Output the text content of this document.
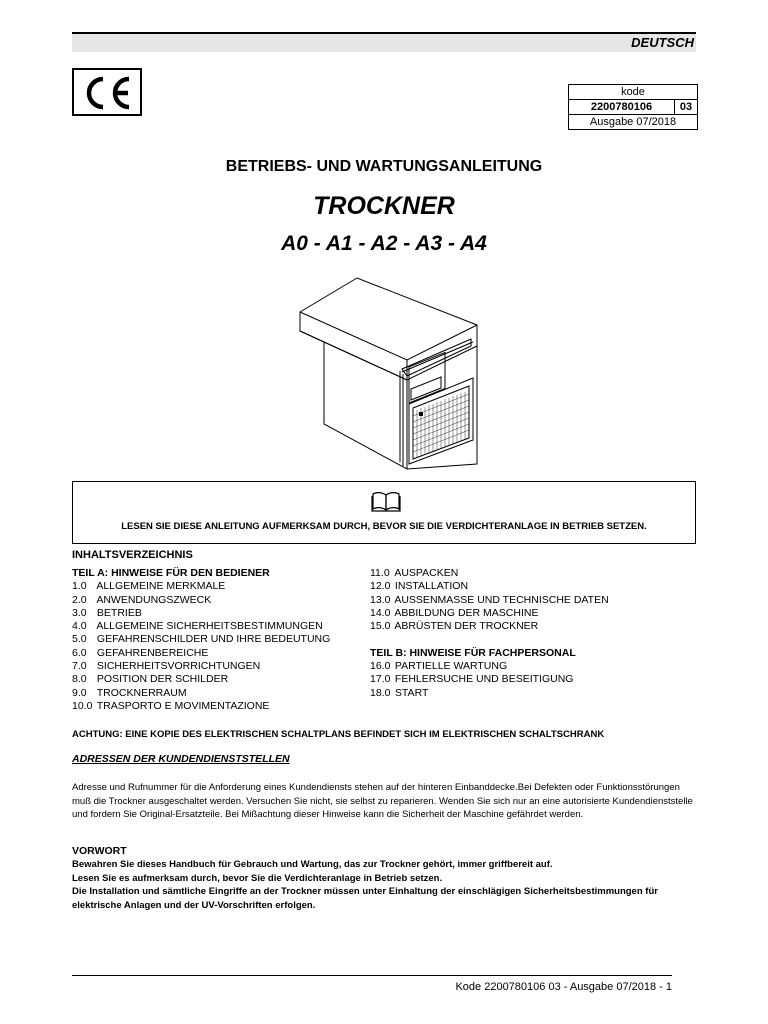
DEUTSCH
kode
2200780106	03
Ausgabe 07/2018
BETRIEBS- UND WARTUNGSANLEITUNG
TROCKNER
A0 - A1 - A2 - A3 - A4
LESEN SIE DIESE ANLEITUNG AUFMERKSAM DURCH, BEVOR SIE DIE VERDICHTERANLAGE IN BETRIEB SETZEN.
INHALTSVERZEICHNIS
TEIL A: HINWEISE FÜR DEN BEDIENER
1.0 ALLGEMEINE MERKMALE
2.0 ANWENDUNGSZWECK
3.0 BETRIEB
4.0 ALLGEMEINE SICHERHEITSBESTIMMUNGEN
5.0 GEFAHRENSCHILDER UND IHRE BEDEUTUNG
6.0 GEFAHRENBEREICHE
7.0 SICHERHEITSVORRICHTUNGEN
8.0 POSITION DER SCHILDER
9.0 TROCKNERRAUM
10.0 TRASPORTO E MOVIMENTAZIONE
11.0 AUSPACKEN
12.0 INSTALLATION
13.0 AUSSENMASSE UND TECHNISCHE DATEN
14.0 ABBILDUNG DER MASCHINE
15.0 ABRÜSTEN DER TROCKNER

TEIL B: HINWEISE FÜR FACHPERSONAL
16.0 PARTIELLE WARTUNG
17.0 FEHLERSUCHE UND BESEITIGUNG
18.0 START
ACHTUNG: EINE KOPIE DES ELEKTRISCHEN SCHALTPLANS BEFINDET SICH IM ELEKTRISCHEN SCHALTSCHRANK
ADRESSEN DER KUNDENDIENSTSTELLEN
Adresse und Rufnummer für die Anforderung eines Kundendiensts stehen auf der hinteren Einbanddecke.Bei Defekten oder Funktionsstörungen muß die Trockner ausgeschaltet werden. Versuchen Sie nicht, sie selbst zu reparieren. Wenden Sie sich nur an eine autorisierte Kundendienststelle und fordern Sie Original-Ersatzteile. Bei Mißachtung dieser Hinweise kann die Sicherheit der Maschine gefährdet werden.
VORWORT
Bewahren Sie dieses Handbuch für Gebrauch und Wartung, das zur Trockner gehört, immer griffbereit auf.
Lesen Sie es aufmerksam durch, bevor Sie die Verdichteranlage in Betrieb setzen.
Die Installation und sämtliche Eingriffe an der Trockner müssen unter Einhaltung der einschlägigen Sicherheitsbestimmungen für elektrische Anlagen und der UV-Vorschriften erfolgen.
Kode 2200780106 03 - Ausgabe 07/2018 - 1
